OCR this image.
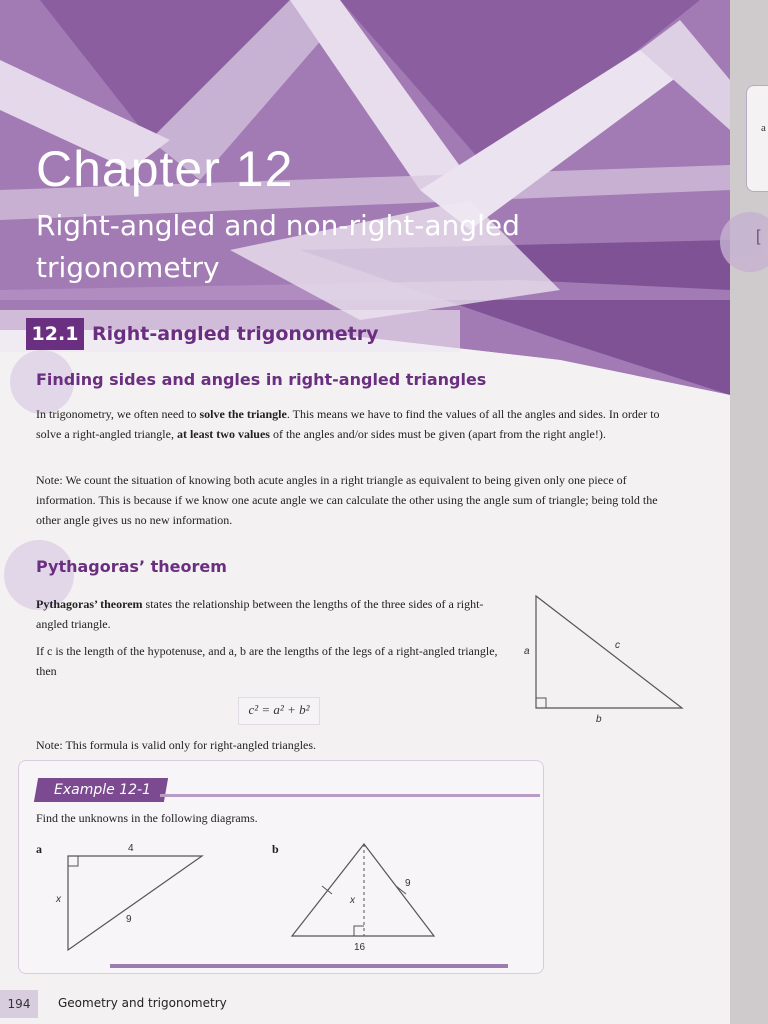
Chapter 12
Right-angled and non-right-angled trigonometry
12.1 Right-angled trigonometry
Finding sides and angles in right-angled triangles
In trigonometry, we often need to solve the triangle. This means we have to find the values of all the angles and sides. In order to solve a right-angled triangle, at least two values of the angles and/or sides must be given (apart from the right angle!).
Note: We count the situation of knowing both acute angles in a right triangle as equivalent to being given only one piece of information. This is because if we know one acute angle we can calculate the other using the angle sum of triangle; being told the other angle gives us no new information.
Pythagoras’ theorem
Pythagoras’ theorem states the relationship between the lengths of the three sides of a right-angled triangle.
If c is the length of the hypotenuse, and a, b are the lengths of the legs of a right-angled triangle, then
c² = a² + b²
a
c
b
Note: This formula is valid only for right-angled triangles.
Example 12-1
Find the unknowns in the following diagrams.
a	4
x
9
b
9
x
16
194	Geometry and trigonometry
a
[
